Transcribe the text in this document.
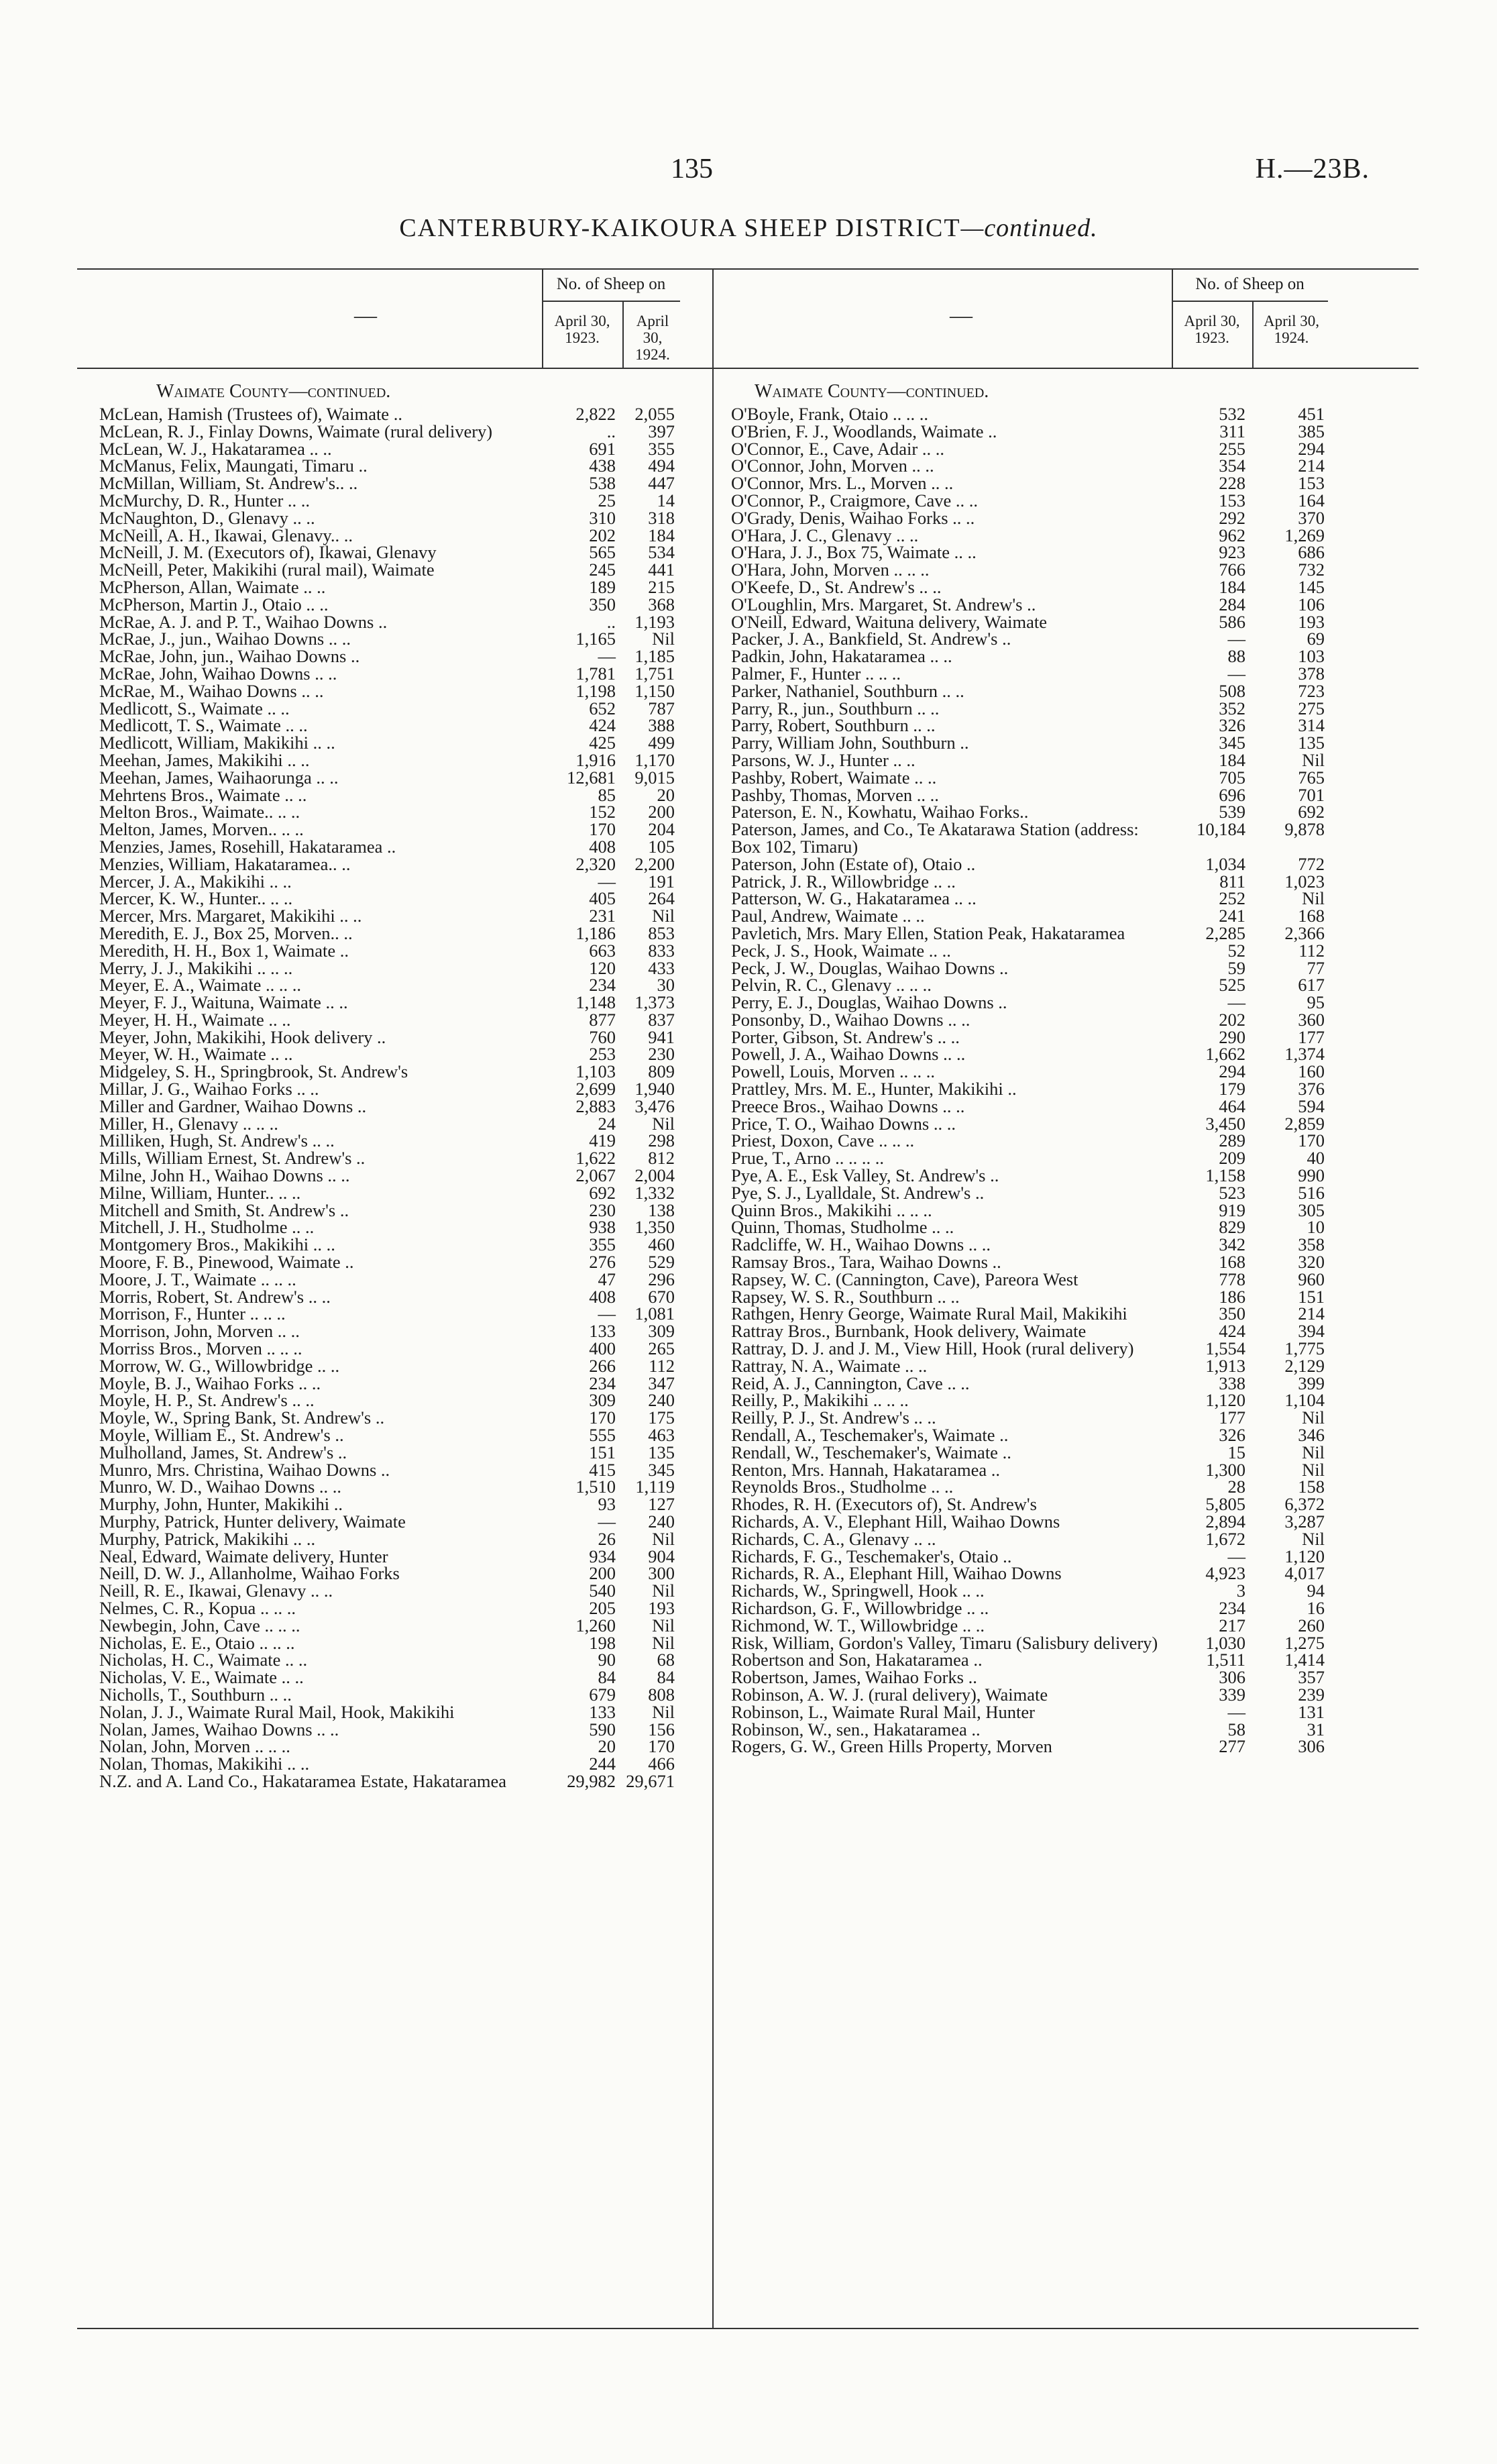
135	H.—23B.
CANTERBURY-KAIKOURA SHEEP DISTRICT—continued.
—
No. of Sheep on
April 30, 1923.
April 30, 1924.
Waimate County—continued.
McLean, Hamish (Trustees of), Waimate ..	2,822	2,055
McLean, R. J., Finlay Downs, Waimate (rural delivery)	..	397
McLean, W. J., Hakataramea .. ..	691	355
McManus, Felix, Maungati, Timaru ..	438	494
McMillan, William, St. Andrew's.. ..	538	447
McMurchy, D. R., Hunter .. ..	25	14
McNaughton, D., Glenavy .. ..	310	318
McNeill, A. H., Ikawai, Glenavy.. ..	202	184
McNeill, J. M. (Executors of), Ikawai, Glenavy	565	534
McNeill, Peter, Makikihi (rural mail), Waimate	245	441
McPherson, Allan, Waimate .. ..	189	215
McPherson, Martin J., Otaio .. ..	350	368
McRae, A. J. and P. T., Waihao Downs ..	..	1,193
McRae, J., jun., Waihao Downs .. ..	1,165	Nil
McRae, John, jun., Waihao Downs ..	—	1,185
McRae, John, Waihao Downs .. ..	1,781	1,751
McRae, M., Waihao Downs .. ..	1,198	1,150
Medlicott, S., Waimate .. ..	652	787
Medlicott, T. S., Waimate .. ..	424	388
Medlicott, William, Makikihi .. ..	425	499
Meehan, James, Makikihi .. ..	1,916	1,170
Meehan, James, Waihaorunga .. ..	12,681	9,015
Mehrtens Bros., Waimate .. ..	85	20
Melton Bros., Waimate.. .. ..	152	200
Melton, James, Morven.. .. ..	170	204
Menzies, James, Rosehill, Hakataramea ..	408	105
Menzies, William, Hakataramea.. ..	2,320	2,200
Mercer, J. A., Makikihi .. ..	—	191
Mercer, K. W., Hunter.. .. ..	405	264
Mercer, Mrs. Margaret, Makikihi .. ..	231	Nil
Meredith, E. J., Box 25, Morven.. ..	1,186	853
Meredith, H. H., Box 1, Waimate ..	663	833
Merry, J. J., Makikihi .. .. ..	120	433
Meyer, E. A., Waimate .. .. ..	234	30
Meyer, F. J., Waituna, Waimate .. ..	1,148	1,373
Meyer, H. H., Waimate .. ..	877	837
Meyer, John, Makikihi, Hook delivery ..	760	941
Meyer, W. H., Waimate .. ..	253	230
Midgeley, S. H., Springbrook, St. Andrew's	1,103	809
Millar, J. G., Waihao Forks .. ..	2,699	1,940
Miller and Gardner, Waihao Downs ..	2,883	3,476
Miller, H., Glenavy .. .. ..	24	Nil
Milliken, Hugh, St. Andrew's .. ..	419	298
Mills, William Ernest, St. Andrew's ..	1,622	812
Milne, John H., Waihao Downs .. ..	2,067	2,004
Milne, William, Hunter.. .. ..	692	1,332
Mitchell and Smith, St. Andrew's ..	230	138
Mitchell, J. H., Studholme .. ..	938	1,350
Montgomery Bros., Makikihi .. ..	355	460
Moore, F. B., Pinewood, Waimate ..	276	529
Moore, J. T., Waimate .. .. ..	47	296
Morris, Robert, St. Andrew's .. ..	408	670
Morrison, F., Hunter .. .. ..	—	1,081
Morrison, John, Morven .. ..	133	309
Morriss Bros., Morven .. .. ..	400	265
Morrow, W. G., Willowbridge .. ..	266	112
Moyle, B. J., Waihao Forks .. ..	234	347
Moyle, H. P., St. Andrew's .. ..	309	240
Moyle, W., Spring Bank, St. Andrew's ..	170	175
Moyle, William E., St. Andrew's ..	555	463
Mulholland, James, St. Andrew's ..	151	135
Munro, Mrs. Christina, Waihao Downs ..	415	345
Munro, W. D., Waihao Downs .. ..	1,510	1,119
Murphy, John, Hunter, Makikihi ..	93	127
Murphy, Patrick, Hunter delivery, Waimate	—	240
Murphy, Patrick, Makikihi .. ..	26	Nil
Neal, Edward, Waimate delivery, Hunter	934	904
Neill, D. W. J., Allanholme, Waihao Forks	200	300
Neill, R. E., Ikawai, Glenavy .. ..	540	Nil
Nelmes, C. R., Kopua .. .. ..	205	193
Newbegin, John, Cave .. .. ..	1,260	Nil
Nicholas, E. E., Otaio .. .. ..	198	Nil
Nicholas, H. C., Waimate .. ..	90	68
Nicholas, V. E., Waimate .. ..	84	84
Nicholls, T., Southburn .. ..	679	808
Nolan, J. J., Waimate Rural Mail, Hook, Makikihi	133	Nil
Nolan, James, Waihao Downs .. ..	590	156
Nolan, John, Morven .. .. ..	20	170
Nolan, Thomas, Makikihi .. ..	244	466
N.Z. and A. Land Co., Hakataramea Estate, Hakataramea	29,982 29,671
—
No. of Sheep on
April 30, 1923.
April 30, 1924.
Waimate County—continued.
O'Boyle, Frank, Otaio .. .. ..	532	451
O'Brien, F. J., Woodlands, Waimate ..	311	385
O'Connor, E., Cave, Adair .. ..	255	294
O'Connor, John, Morven .. ..	354	214
O'Connor, Mrs. L., Morven .. ..	228	153
O'Connor, P., Craigmore, Cave .. ..	153	164
O'Grady, Denis, Waihao Forks .. ..	292	370
O'Hara, J. C., Glenavy .. ..	962	1,269
O'Hara, J. J., Box 75, Waimate .. ..	923	686
O'Hara, John, Morven .. .. ..	766	732
O'Keefe, D., St. Andrew's .. ..	184	145
O'Loughlin, Mrs. Margaret, St. Andrew's ..	284	106
O'Neill, Edward, Waituna delivery, Waimate	586	193
Packer, J. A., Bankfield, St. Andrew's ..	—	69
Padkin, John, Hakataramea .. ..	88	103
Palmer, F., Hunter .. .. ..	—	378
Parker, Nathaniel, Southburn .. ..	508	723
Parry, R., jun., Southburn .. ..	352	275
Parry, Robert, Southburn .. ..	326	314
Parry, William John, Southburn ..	345	135
Parsons, W. J., Hunter .. ..	184	Nil
Pashby, Robert, Waimate .. ..	705	765
Pashby, Thomas, Morven .. ..	696	701
Paterson, E. N., Kowhatu, Waihao Forks..	539	692
Paterson, James, and Co., Te Akatarawa Station (address: Box 102, Timaru)
10,184	9,878
Paterson, John (Estate of), Otaio ..	1,034	772
Patrick, J. R., Willowbridge .. ..	811	1,023
Patterson, W. G., Hakataramea .. ..	252	Nil
Paul, Andrew, Waimate .. ..	241	168
Pavletich, Mrs. Mary Ellen, Station Peak, Hakataramea	2,285	2,366
Peck, J. S., Hook, Waimate .. ..	52	112
Peck, J. W., Douglas, Waihao Downs ..	59	77
Pelvin, R. C., Glenavy .. .. ..	525	617
Perry, E. J., Douglas, Waihao Downs ..	—	95
Ponsonby, D., Waihao Downs .. ..	202	360
Porter, Gibson, St. Andrew's .. ..	290	177
Powell, J. A., Waihao Downs .. ..	1,662	1,374
Powell, Louis, Morven .. .. ..	294	160
Prattley, Mrs. M. E., Hunter, Makikihi ..	179	376
Preece Bros., Waihao Downs .. ..	464	594
Price, T. O., Waihao Downs .. ..	3,450	2,859
Priest, Doxon, Cave .. .. ..	289	170
Prue, T., Arno .. .. .. ..	209	40
Pye, A. E., Esk Valley, St. Andrew's ..	1,158	990
Pye, S. J., Lyalldale, St. Andrew's ..	523	516
Quinn Bros., Makikihi .. .. ..	919	305
Quinn, Thomas, Studholme .. ..	829	10
Radcliffe, W. H., Waihao Downs .. ..	342	358
Ramsay Bros., Tara, Waihao Downs ..	168	320
Rapsey, W. C. (Cannington, Cave), Pareora West	778	960
Rapsey, W. S. R., Southburn .. ..	186	151
Rathgen, Henry George, Waimate Rural Mail, Makikihi	350	214
Rattray Bros., Burnbank, Hook delivery, Waimate	424	394
Rattray, D. J. and J. M., View Hill, Hook (rural delivery)	1,554	1,775
Rattray, N. A., Waimate .. ..	1,913	2,129
Reid, A. J., Cannington, Cave .. ..	338	399
Reilly, P., Makikihi .. .. ..	1,120	1,104
Reilly, P. J., St. Andrew's .. ..	177	Nil
Rendall, A., Teschemaker's, Waimate ..	326	346
Rendall, W., Teschemaker's, Waimate ..	15	Nil
Renton, Mrs. Hannah, Hakataramea ..	1,300	Nil
Reynolds Bros., Studholme .. ..	28	158
Rhodes, R. H. (Executors of), St. Andrew's	5,805	6,372
Richards, A. V., Elephant Hill, Waihao Downs	2,894	3,287
Richards, C. A., Glenavy .. ..	1,672	Nil
Richards, F. G., Teschemaker's, Otaio ..	—	1,120
Richards, R. A., Elephant Hill, Waihao Downs	4,923	4,017
Richards, W., Springwell, Hook .. ..	3	94
Richardson, G. F., Willowbridge .. ..	234	16
Richmond, W. T., Willowbridge .. ..	217	260
Risk, William, Gordon's Valley, Timaru (Salisbury delivery)	1,030	1,275
Robertson and Son, Hakataramea ..	1,511	1,414
Robertson, James, Waihao Forks ..	306	357
Robinson, A. W. J. (rural delivery), Waimate	339	239
Robinson, L., Waimate Rural Mail, Hunter	—	131
Robinson, W., sen., Hakataramea ..	58	31
Rogers, G. W., Green Hills Property, Morven	277	306
